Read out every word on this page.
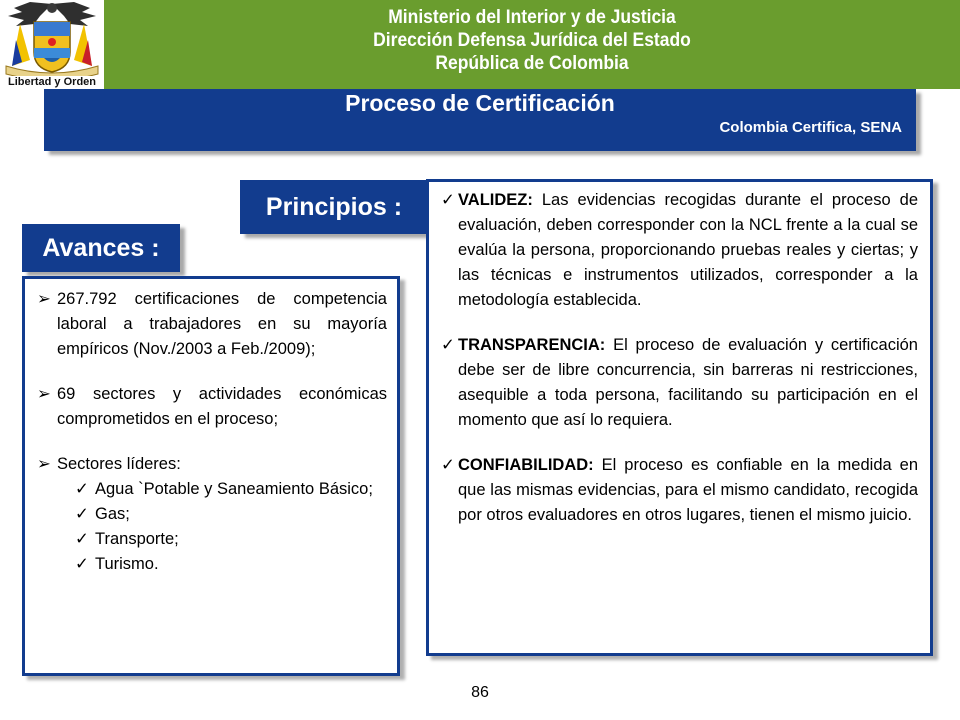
Libertad y Orden
Ministerio del Interior y de Justicia
Dirección Defensa Jurídica del Estado
República de Colombia
Proceso de Certificación
Colombia Certifica, SENA
Principios :
Avances :
➢ 267.792 certificaciones de competencia laboral a trabajadores en su mayoría empíricos (Nov./2003 a Feb./2009);
➢ 69 sectores y actividades económicas comprometidos en el proceso;
➢ Sectores líderes:
✓ Agua `Potable y Saneamiento Básico;
✓ Gas;
✓ Transporte;
✓ Turismo.
✓ VALIDEZ: Las evidencias recogidas durante el proceso de evaluación, deben corresponder con la NCL frente a la cual se evalúa la persona, proporcionando pruebas reales y ciertas; y las técnicas e instrumentos utilizados, corresponder a la metodología establecida.
✓ TRANSPARENCIA: El proceso de evaluación y certificación debe ser de libre concurrencia, sin barreras ni restricciones, asequible a toda persona, facilitando su participación en el momento que así lo requiera.
✓ CONFIABILIDAD: El proceso es confiable en la medida en que las mismas evidencias, para el mismo candidato, recogida por otros evaluadores en otros lugares, tienen el mismo juicio.
86
